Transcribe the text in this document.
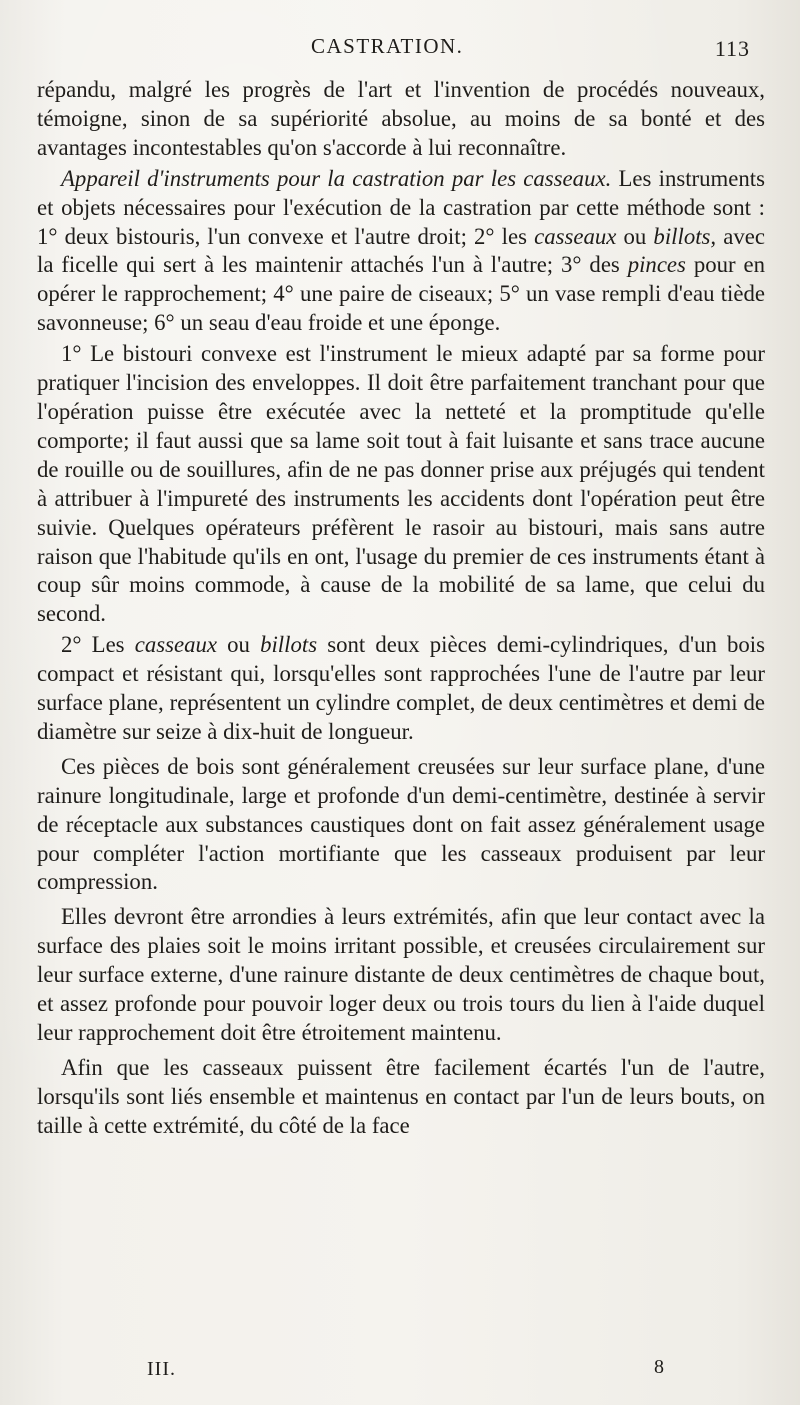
CASTRATION.	113

répandu, malgré les progrès de l'art et l'invention de procédés nouveaux, témoigne, sinon de sa supériorité absolue, au moins de sa bonté et des avantages incontestables qu'on s'accorde à lui reconnaître.

Appareil d'instruments pour la castration par les casseaux. Les instruments et objets nécessaires pour l'exécution de la castration par cette méthode sont : 1° deux bistouris, l'un convexe et l'autre droit; 2° les casseaux ou billots, avec la ficelle qui sert à les maintenir attachés l'un à l'autre; 3° des pinces pour en opérer le rapprochement; 4° une paire de ciseaux; 5° un vase rempli d'eau tiède savonneuse; 6° un seau d'eau froide et une éponge.

1° Le bistouri convexe est l'instrument le mieux adapté par sa forme pour pratiquer l'incision des enveloppes. Il doit être parfaitement tranchant pour que l'opération puisse être exécutée avec la netteté et la promptitude qu'elle comporte; il faut aussi que sa lame soit tout à fait luisante et sans trace aucune de rouille ou de souillures, afin de ne pas donner prise aux préjugés qui tendent à attribuer à l'impureté des instruments les accidents dont l'opération peut être suivie. Quelques opérateurs préfèrent le rasoir au bistouri, mais sans autre raison que l'habitude qu'ils en ont, l'usage du premier de ces instruments étant à coup sûr moins commode, à cause de la mobilité de sa lame, que celui du second.

2° Les casseaux ou billots sont deux pièces demi-cylindriques, d'un bois compact et résistant qui, lorsqu'elles sont rapprochées l'une de l'autre par leur surface plane, représentent un cylindre complet, de deux centimètres et demi de diamètre sur seize à dix-huit de longueur.

Ces pièces de bois sont généralement creusées sur leur surface plane, d'une rainure longitudinale, large et profonde d'un demi-centimètre, destinée à servir de réceptacle aux substances caustiques dont on fait assez généralement usage pour compléter l'action mortifiante que les casseaux produisent par leur compression.

Elles devront être arrondies à leurs extrémités, afin que leur contact avec la surface des plaies soit le moins irritant possible, et creusées circulairement sur leur surface externe, d'une rainure distante de deux centimètres de chaque bout, et assez profonde pour pouvoir loger deux ou trois tours du lien à l'aide duquel leur rapprochement doit être étroitement maintenu.

Afin que les casseaux puissent être facilement écartés l'un de l'autre, lorsqu'ils sont liés ensemble et maintenus en contact par l'un de leurs bouts, on taille à cette extrémité, du côté de la face

III.	8
